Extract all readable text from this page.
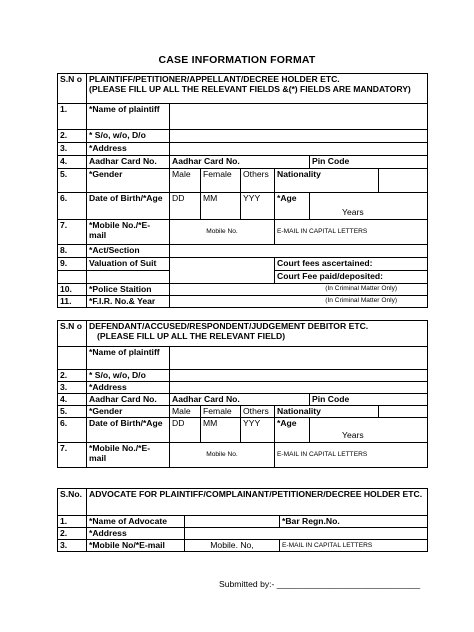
CASE INFORMATION FORMAT
S.N o	PLAINTIFF/PETITIONER/APPELLANT/DECREE HOLDER ETC.
(PLEASE FILL UP ALL THE RELEVANT FIELDS &(*) FIELDS ARE MANDATORY)						

1.	*Name of plaintiff						
2.	* S/o, w/o, D/o						
3.	*Address						
4.	Aadhar Card No.	Aadhar Card No.				Pin Code	
5.	*Gender	Male	Female	Others	Nationality		
6.	Date of Birth/*Age	DD	MM	YYY	*Age	Years	

7.	*Mobile No./*E-mail	Mobile No.			E-MAIL IN CAPITAL LETTERS		
8.	*Act/Section						
9.	Valuation of Suit				Court fees ascertained:		
					Court Fee paid/deposited:		
10.	*Police Staition	(In Criminal Matter Only)					
11.	*F.I.R. No.& Year	(In Criminal Matter Only)					
S.N o	DEFENDANT/ACCUSED/RESPONDENT/JUDGEMENT DEBITOR ETC.
(PLEASE FILL UP ALL THE RELEVANT FIELD)						

	*Name of plaintiff						
2.	* S/o, w/o, D/o						
3.	*Address						
4.	Aadhar Card No.	Aadhar Card No.				Pin Code	
5.	*Gender	Male	Female	Others	Nationality		
6.	Date of Birth/*Age	DD	MM	YYY	*Age	Years	

7.	*Mobile No./*E-mail	Mobile No.			E-MAIL IN CAPITAL LETTERS		
S.No.	ADVOCATE FOR PLAINTIFF/COMPLAINANT/PETITIONER/DECREE HOLDER ETC.		
1.	*Name of Advocate		*Bar Regn.No.
2.	*Address		
3.	*Mobile No/*E-mail	Mobile. No,	E-MAIL IN CAPITAL LETTERS
Submitted by:- ______________________________
